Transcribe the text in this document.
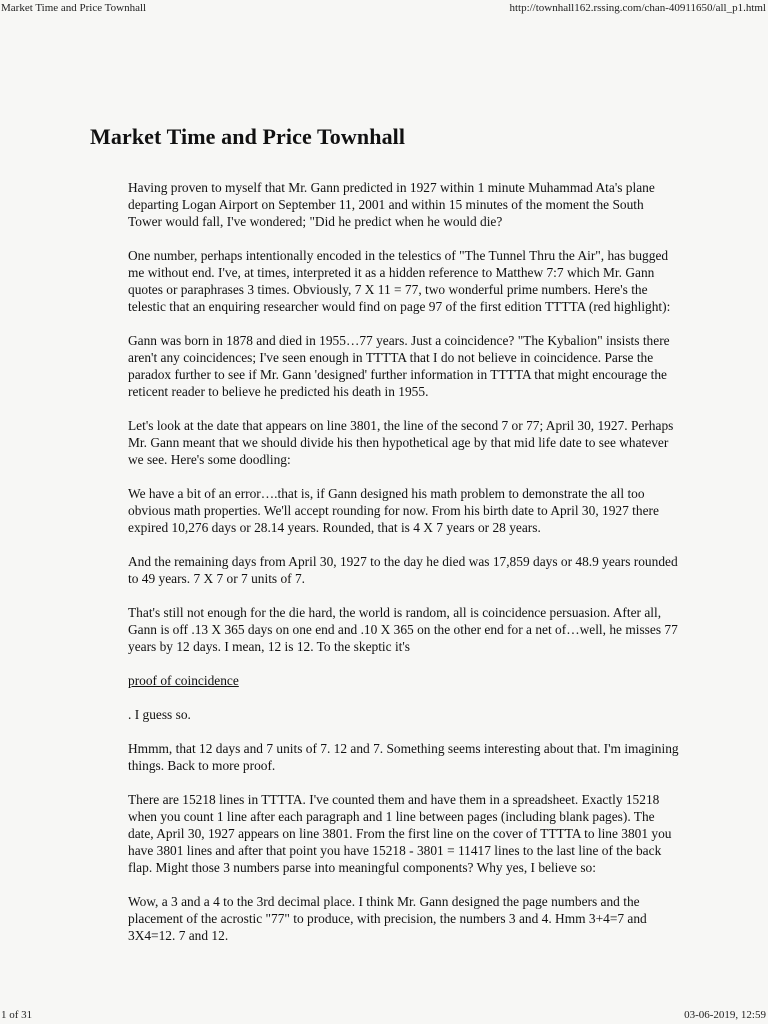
Market Time and Price Townhall	http://townhall162.rssing.com/chan-40911650/all_p1.html
Market Time and Price Townhall

Having proven to myself that Mr. Gann predicted in 1927 within 1 minute Muhammad Ata's plane departing Logan Airport on September 11, 2001 and within 15 minutes of the moment the South Tower would fall, I've wondered; "Did he predict when he would die?

One number, perhaps intentionally encoded in the telestics of "The Tunnel Thru the Air", has bugged me without end. I've, at times, interpreted it as a hidden reference to Matthew 7:7 which Mr. Gann quotes or paraphrases 3 times. Obviously, 7 X 11 = 77, two wonderful prime numbers. Here's the telestic that an enquiring researcher would find on page 97 of the first edition TTTTA (red highlight):

Gann was born in 1878 and died in 1955…77 years. Just a coincidence? "The Kybalion" insists there aren't any coincidences; I've seen enough in TTTTA that I do not believe in coincidence. Parse the paradox further to see if Mr. Gann 'designed' further information in TTTTA that might encourage the reticent reader to believe he predicted his death in 1955.

Let's look at the date that appears on line 3801, the line of the second 7 or 77; April 30, 1927. Perhaps Mr. Gann meant that we should divide his then hypothetical age by that mid life date to see whatever we see. Here's some doodling:

We have a bit of an error….that is, if Gann designed his math problem to demonstrate the all too obvious math properties. We'll accept rounding for now. From his birth date to April 30, 1927 there expired 10,276 days or 28.14 years. Rounded, that is 4 X 7 years or 28 years.

And the remaining days from April 30, 1927 to the day he died was 17,859 days or 48.9 years rounded to 49 years. 7 X 7 or 7 units of 7.

That's still not enough for the die hard, the world is random, all is coincidence persuasion. After all, Gann is off .13 X 365 days on one end and .10 X 365 on the other end for a net of…well, he misses 77 years by 12 days. I mean, 12 is 12. To the skeptic it's

proof of coincidence

. I guess so.

Hmmm, that 12 days and 7 units of 7. 12 and 7. Something seems interesting about that. I'm imagining things. Back to more proof.

There are 15218 lines in TTTTA. I've counted them and have them in a spreadsheet. Exactly 15218 when you count 1 line after each paragraph and 1 line between pages (including blank pages). The date, April 30, 1927 appears on line 3801. From the first line on the cover of TTTTA to line 3801 you have 3801 lines and after that point you have 15218 - 3801 = 11417 lines to the last line of the back flap. Might those 3 numbers parse into meaningful components? Why yes, I believe so:

Wow, a 3 and a 4 to the 3rd decimal place. I think Mr. Gann designed the page numbers and the placement of the acrostic "77" to produce, with precision, the numbers 3 and 4. Hmm 3+4=7 and 3X4=12. 7 and 12.

1 of 31	03-06-2019, 12:59
